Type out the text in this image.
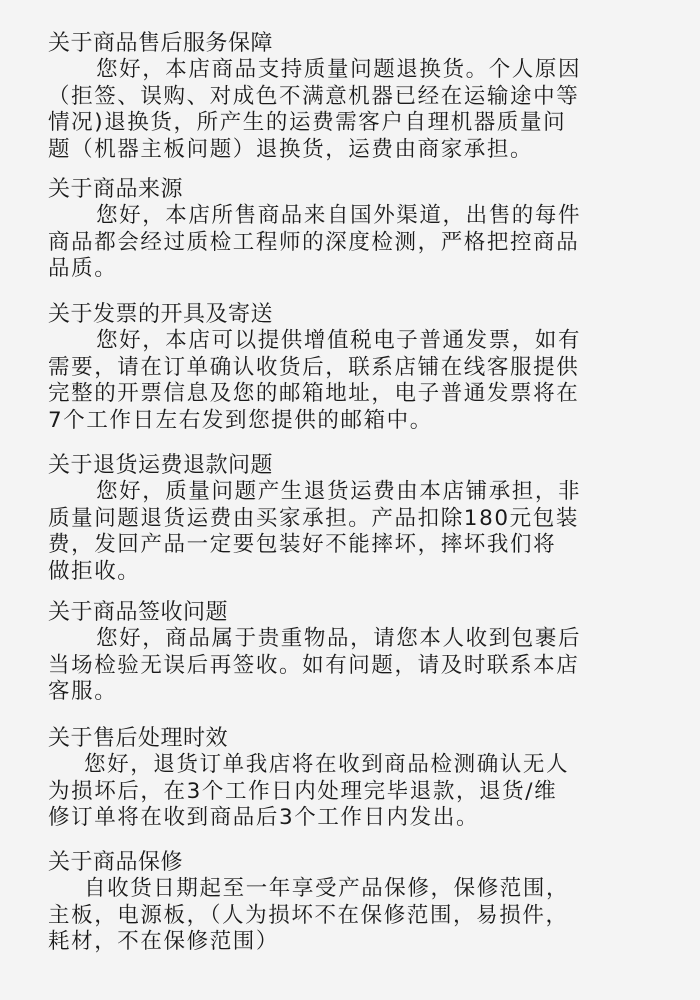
关于商品售后服务保障
您好，本店商品支持质量问题退换货。个人原因
（拒签、误购、对成色不满意机器已经在运输途中等
情况)退换货，所产生的运费需客户自理机器质量问
题（机器主板问题）退换货，运费由商家承担。
关于商品来源
您好，本店所售商品来自国外渠道，出售的每件
商品都会经过质检工程师的深度检测，严格把控商品
品质。
关于发票的开具及寄送
您好，本店可以提供增值税电子普通发票，如有
需要，请在订单确认收货后，联系店铺在线客服提供
完整的开票信息及您的邮箱地址，电子普通发票将在
7个工作日左右发到您提供的邮箱中。
关于退货运费退款问题
您好，质量问题产生退货运费由本店铺承担，非
质量问题退货运费由买家承担。产品扣除180元包装
费，发回产品一定要包装好不能摔坏，摔坏我们将
做拒收。
关于商品签收问题
您好，商品属于贵重物品，请您本人收到包裹后
当场检验无误后再签收。如有问题，请及时联系本店
客服。
关于售后处理时效
您好，退货订单我店将在收到商品检测确认无人
为损坏后，在3个工作日内处理完毕退款，退货/维
修订单将在收到商品后3个工作日内发出。
关于商品保修
自收货日期起至一年享受产品保修，保修范围，
主板，电源板，（人为损坏不在保修范围，易损件，
耗材，不在保修范围）
